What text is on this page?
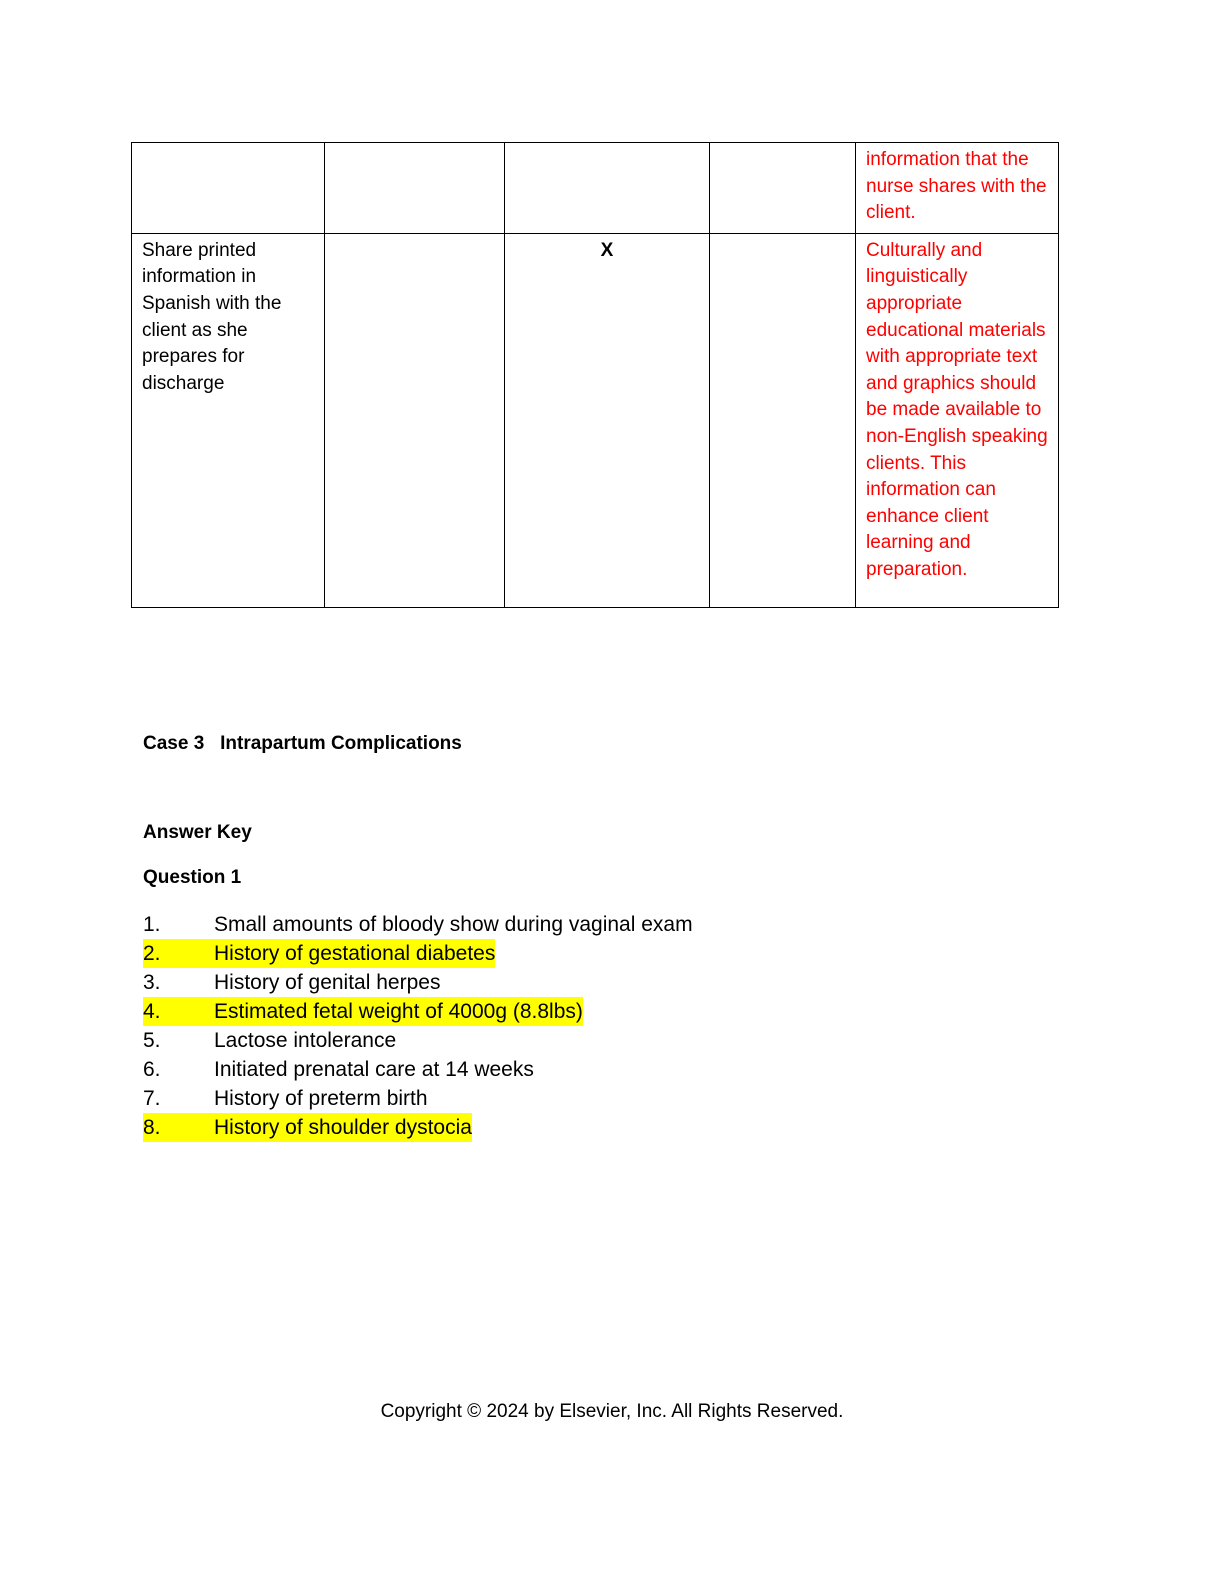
				information that the nurse shares with the client.
Share printed information in Spanish with the client as she prepares for discharge		X		Culturally and linguistically appropriate educational materials with appropriate text and graphics should be made available to non-English speaking clients. This information can enhance client learning and preparation.
Case 3   Intrapartum Complications
Answer Key
Question 1
1.	Small amounts of bloody show during vaginal exam
2.	History of gestational diabetes
3.	History of genital herpes
4.	Estimated fetal weight of 4000g (8.8lbs)
5.	Lactose intolerance
6.	Initiated prenatal care at 14 weeks
7.	History of preterm birth
8.	History of shoulder dystocia
Copyright © 2024 by Elsevier, Inc. All Rights Reserved.
